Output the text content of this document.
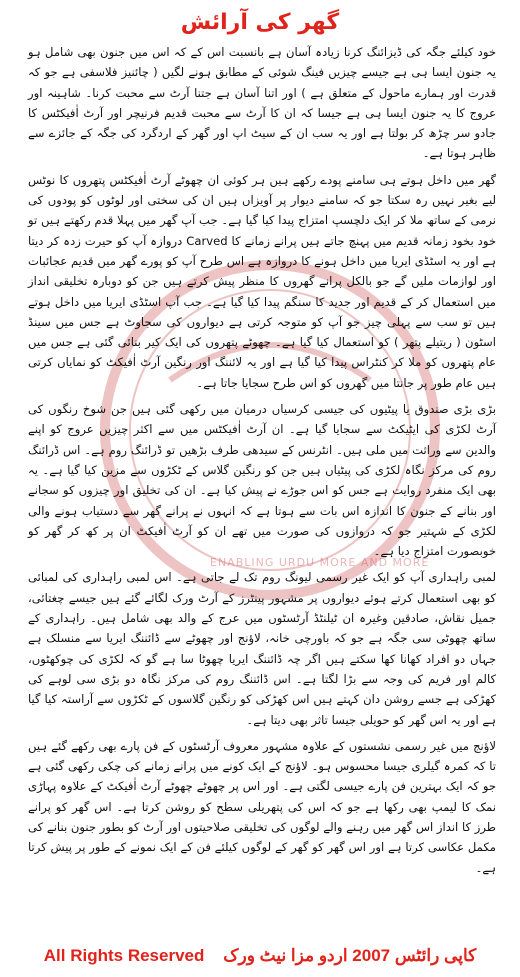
ENABLING URDU MORE AND MORE
گھر کی آرائش

خود کیلئے جگہ کی ڈیزائنگ کرنا زیادہ آسان ہے بانسبت اس کے کہ اس میں جنون بھی شامل ہو یہ جنون ایسا ہی ہے جیسے چیزیں فینگ شوئی کے مطابق ہونے لگیں ( چائنیز فلاسفی ہے جو کہ قدرت اور ہمارے ماحول کے متعلق ہے ) اور اتنا آسان ہے جتنا آرٹ سے محبت کرنا۔ شاہینہ اور عروج کا یہ جنون ایسا ہی ہے جیسا کہ ان کا آرٹ سے محبت قدیم فرنیچر اور آرٹ اٰفیکٹس کا جادو سر چڑھ کر بولتا ہے اور یہ سب ان کے سیٹ اپ اور گھر کے اردگرد کی جگہ کے جائزے سے ظاہر ہوتا ہے۔

گھر میں داخل ہوتے ہی سامنے پودے رکھے ہیں ہر کوئی ان چھوٹے آرٹ اٰفیکٹس پتھروں کا نوٹس لیے بغیر نہیں رہ سکتا جو کہ سامنے دیوار پر آویزاں ہیں ان کی سختی اور لوٹوں کو پودوں کی نرمی کے ساتھ ملا کر ایک دلچسپ امتزاج پیدا کیا گیا ہے۔ جب آپ گھر میں پہلا قدم رکھتے ہیں تو خود بخود زمانہ قدیم میں پہنچ جاتے ہیں پرانے زمانے کا Carved دروازہ آپ کو حیرت زدہ کر دیتا ہے اور یہ اسٹڈی ایریا میں داخل ہونے کا دروازہ ہے اس طرح آپ کو پورے گھر میں قدیم عجائبات اور لوازمات ملیں گے جو بالکل پرانے گھروں کا منظر پیش کرتے ہیں جن کو دوبارہ تخلیقی انداز میں استعمال کر کے قدیم اور جدید کا سنگم پیدا کیا گیا ہے۔ جب آپ اسٹڈی ایریا میں داخل ہوتے ہیں تو سب سے پہلی چیز جو آپ کو متوجہ کرتی ہے دیواروں کی سجاوٹ ہے جس میں سینڈ اسٹون ( ریتیلے پتھر ) کو استعمال کیا گیا ہے۔ چھوٹے پتھروں کی ایک کیر بنائی گئی ہے جس میں عام پتھروں کو ملا کر کنٹراس پیدا کیا گیا ہے اور یہ لائننگ اور رنگین آرٹ اٰفیکٹ کو نمایاں کرتی ہیں عام طور پر جانتا میں گھروں کو اس طرح سجایا جاتا ہے۔

بڑی بڑی صندوق یا پیٹیوں کی جیسی کرسیاں درمیان میں رکھی گئی ہیں جن شوخ رنگوں کی آرٹ لکڑی کی ایٹیکٹ سے سجایا گیا ہے۔ ان آرٹ اٰفیکٹس میں سے اکثر چیزیں عروج کو اپنے والدین سے وراثت میں ملی ہیں۔ انٹرنس کے سیدھی طرف بڑھیں تو ڈرائنگ روم ہے۔ اس ڈرائنگ روم کی مرکز نگاہ لکڑی کی پیٹیاں ہیں جن کو رنگین گلاس کے ٹکڑوں سے مزین کیا گیا ہے۔ یہ بھی ایک منفرد روایت ہے جس کو اس جوڑے نے پیش کیا ہے۔ ان کی تخلیق اور چیزوں کو سجانے اور بنانے کے جنون کا اندازہ اس بات سے ہوتا ہے کہ انہوں نے پرانے گھر سے دستیاب ہونے والی لکڑی کے شہتیر جو کہ دروازوں کی صورت میں تھے ان کو آرٹ اٰفیکٹ ان پر کھ کر گھر کو خوبصورت امتزاج دیا ہے۔

لمبی راہداری آپ کو ایک غیر رسمی لیونگ روم تک لے جاتی ہے۔ اس لمبی راہداری کی لمبائی کو بھی استعمال کرتے ہوئے دیواروں پر مشہور پینٹرز کے آرٹ ورک لگائے گئے ہیں جیسے چغتائی، جمیل نقاش، صادقین وغیرہ ان ٹیلنٹڈ آرٹسٹوں میں عرج کے والد بھی شامل ہیں۔ راہداری کے ساتھ چھوٹی سی جگہ ہے جو کہ باورچی خانہ، لاؤنج اور چھوٹے سے ڈائننگ ایریا سے منسلک ہے جہاں دو افراد کھانا کھا سکتے ہیں اگر چہ ڈائننگ ایریا چھوٹا سا ہے گو کہ لکڑی کی چوکھٹوں، کالم اور فریم کی وجہ سے بڑا لگتا ہے۔ اس ڈائننگ روم کی مرکز نگاہ دو بڑی سی لوہے کی کھڑکی ہے جسے روشن دان کہتے ہیں اس کھڑکی کو رنگین گلاسوں کے ٹکڑوں سے آراستہ کیا گیا ہے اور یہ اس گھر کو حویلی جیسا تاثر بھی دیتا ہے۔

لاؤنج میں غیر رسمی نشستوں کے علاوہ مشہور معروف آرٹسٹوں کے فن پارے بھی رکھے گئے ہیں تا کہ کمرہ گیلری جیسا محسوس ہو۔ لاؤنج کے ایک کونے میں پرانے زمانے کی چکی رکھی گئی ہے جو کہ ایک بہترین فن پارے جیسی لگتی ہے۔ اور اس پر چھوٹے چھوٹے آرٹ اٰفیکٹ کے علاوہ پہاڑی نمک کا لیمپ بھی رکھا ہے جو کہ اس کی پتھریلی سطح کو روشن کرتا ہے۔ اس گھر کو پرانے طرز کا انداز اس گھر میں رہنے والے لوگوں کی تخلیقی صلاحیتوں اور آرٹ کو بطور جنون بنانے کی مکمل عکاسی کرتا ہے اور اس گھر کو گھر کے لوگوں کیلئے فن کے ایک نمونے کے طور پر پیش کرتا ہے۔

کاپی رائٹس 2007 اردو مزا نیٹ ورک    All Rights Reserved
